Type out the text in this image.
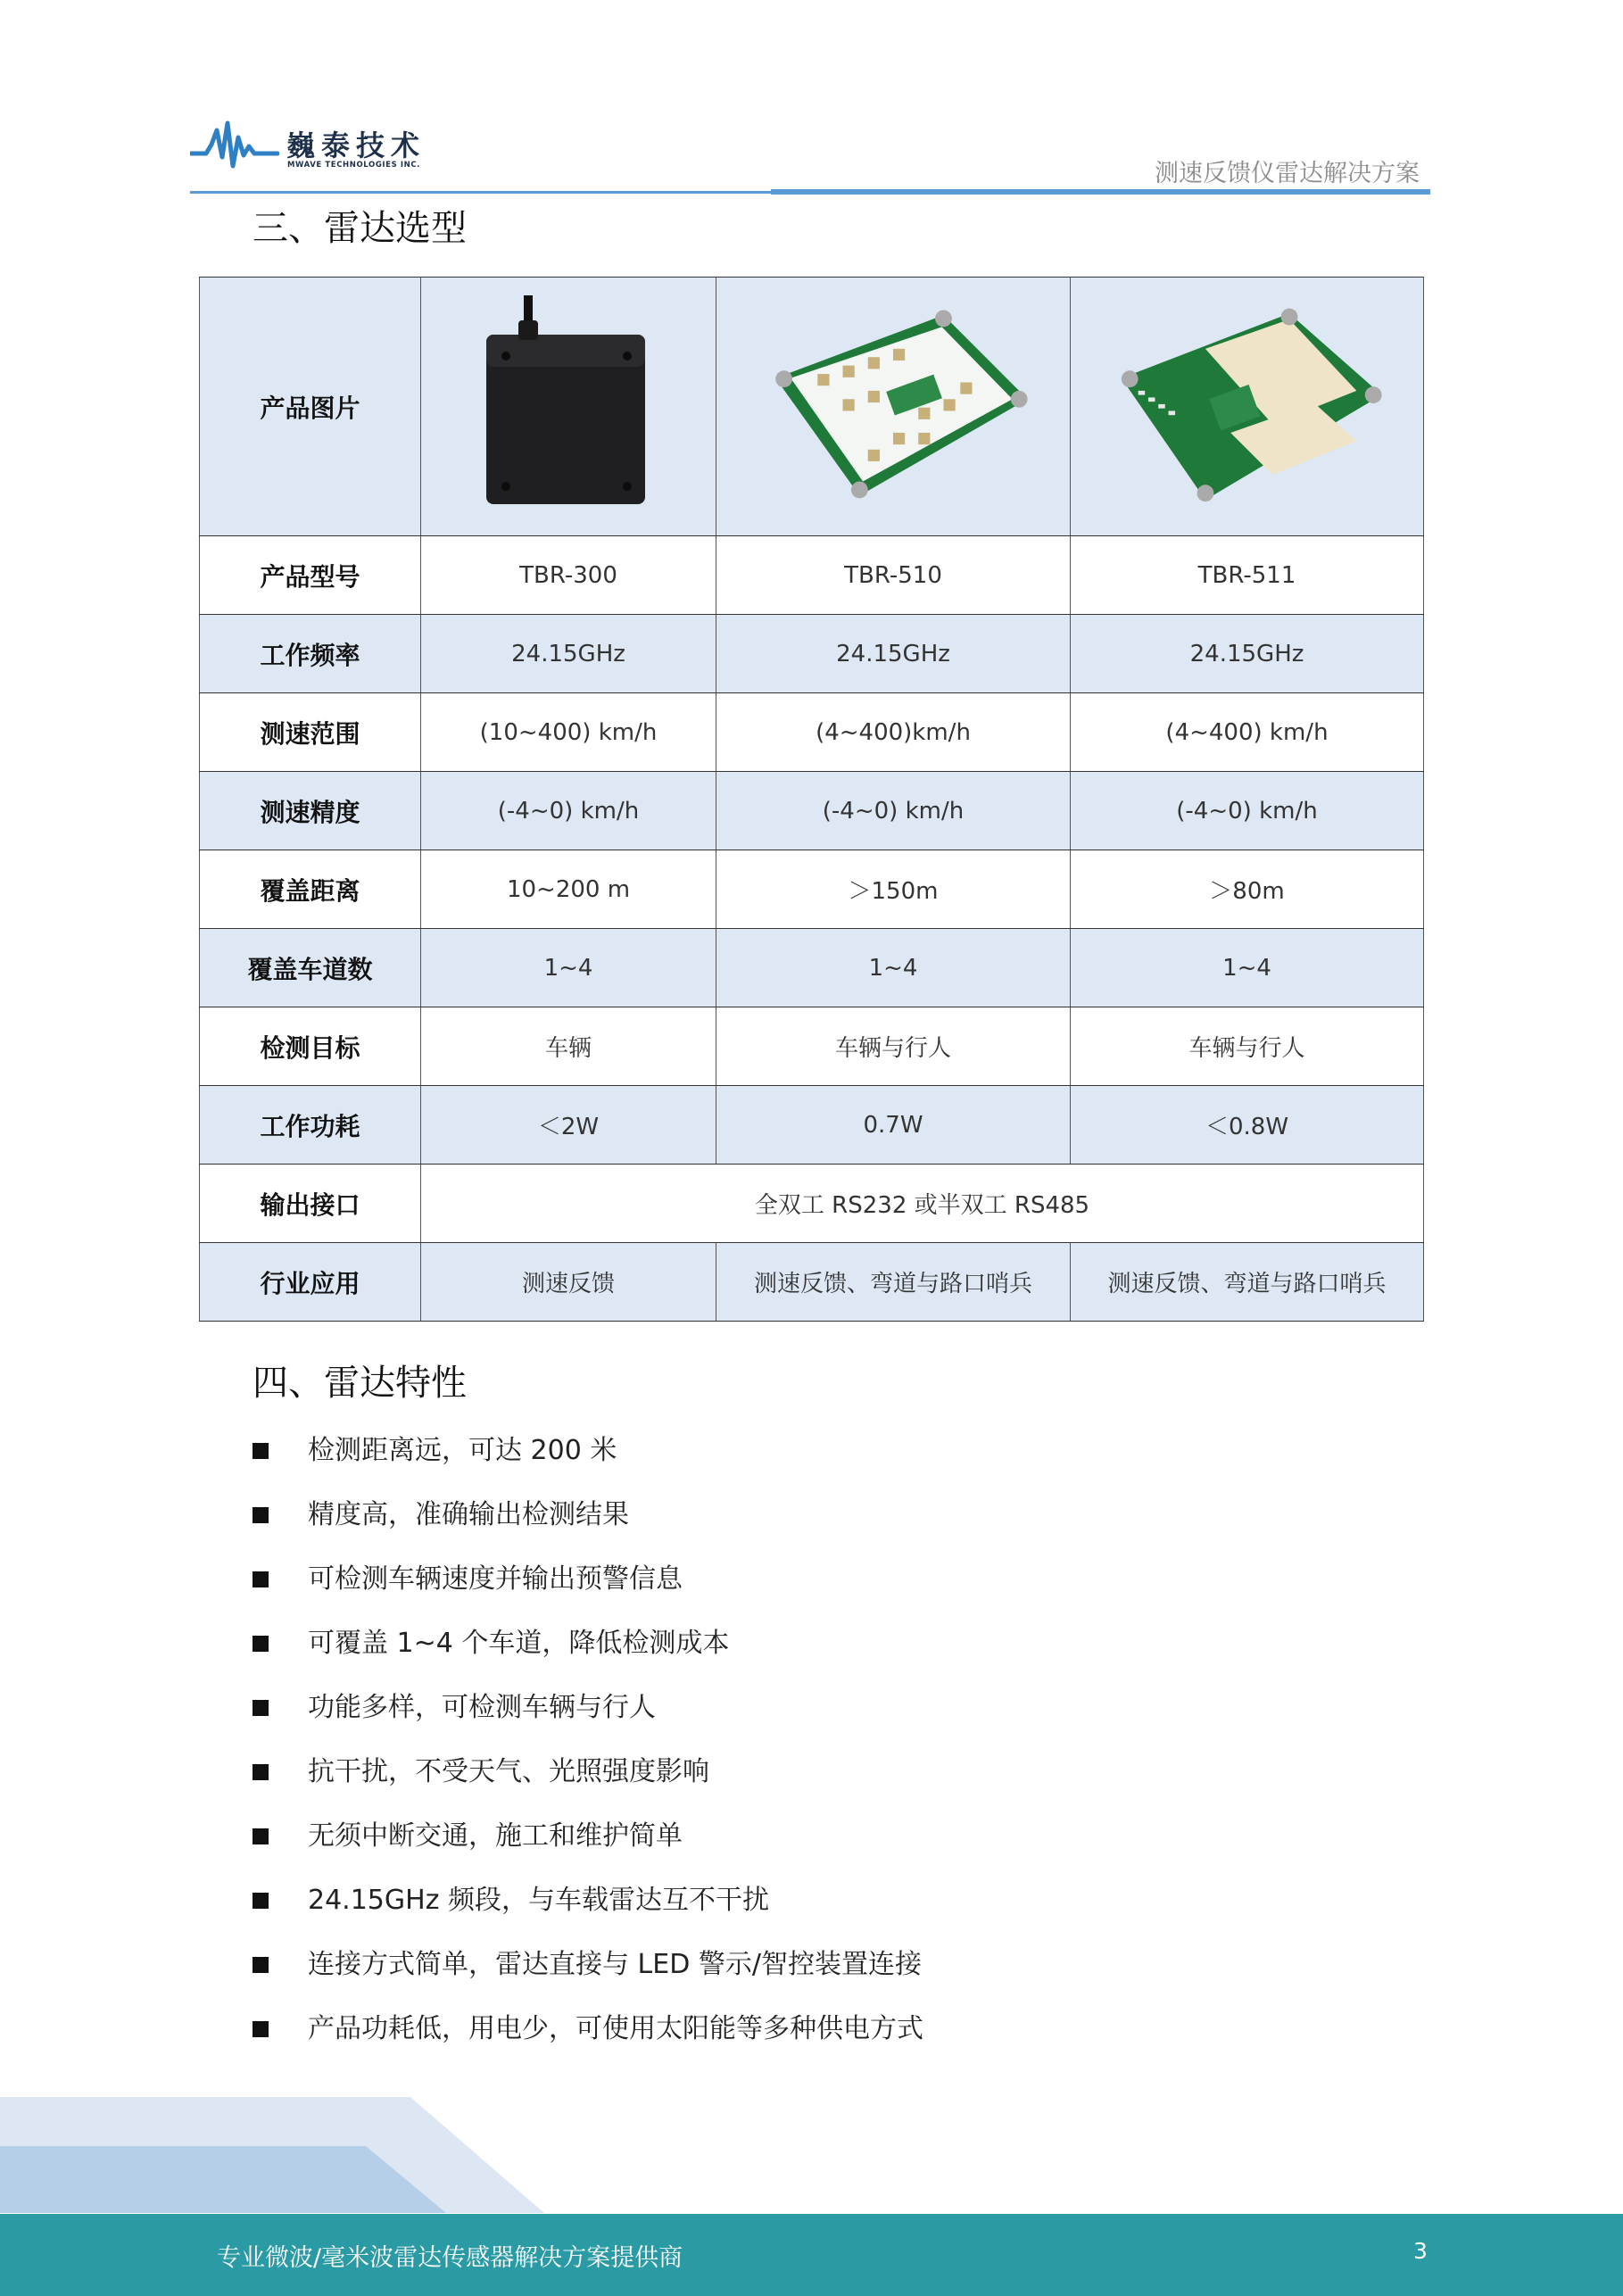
巍泰技术
MWAVE TECHNOLOGIES INC.	测速反馈仪雷达解决方案
三、雷达选型
产品图片			
产品型号	TBR-300	TBR-510	TBR-511
工作频率	24.15GHz	24.15GHz	24.15GHz
测速范围	(10~400) km/h	(4~400)km/h	(4~400) km/h
测速精度	(-4~0) km/h	(-4~0) km/h	(-4~0) km/h
覆盖距离	10~200 m	＞150m	＞80m
覆盖车道数	1~4	1~4	1~4
检测目标	车辆	车辆与行人	车辆与行人
工作功耗	＜2W	0.7W	＜0.8W
输出接口	全双工 RS232 或半双工 RS485		
行业应用	测速反馈	测速反馈、弯道与路口哨兵	测速反馈、弯道与路口哨兵
四、雷达特性
检测距离远，可达 200 米
精度高，准确输出检测结果
可检测车辆速度并输出预警信息
可覆盖 1~4 个车道，降低检测成本
功能多样，可检测车辆与行人
抗干扰，不受天气、光照强度影响
无须中断交通，施工和维护简单
24.15GHz 频段，与车载雷达互不干扰
连接方式简单，雷达直接与 LED 警示/智控装置连接
产品功耗低，用电少，可使用太阳能等多种供电方式
专业微波/毫米波雷达传感器解决方案提供商	3
